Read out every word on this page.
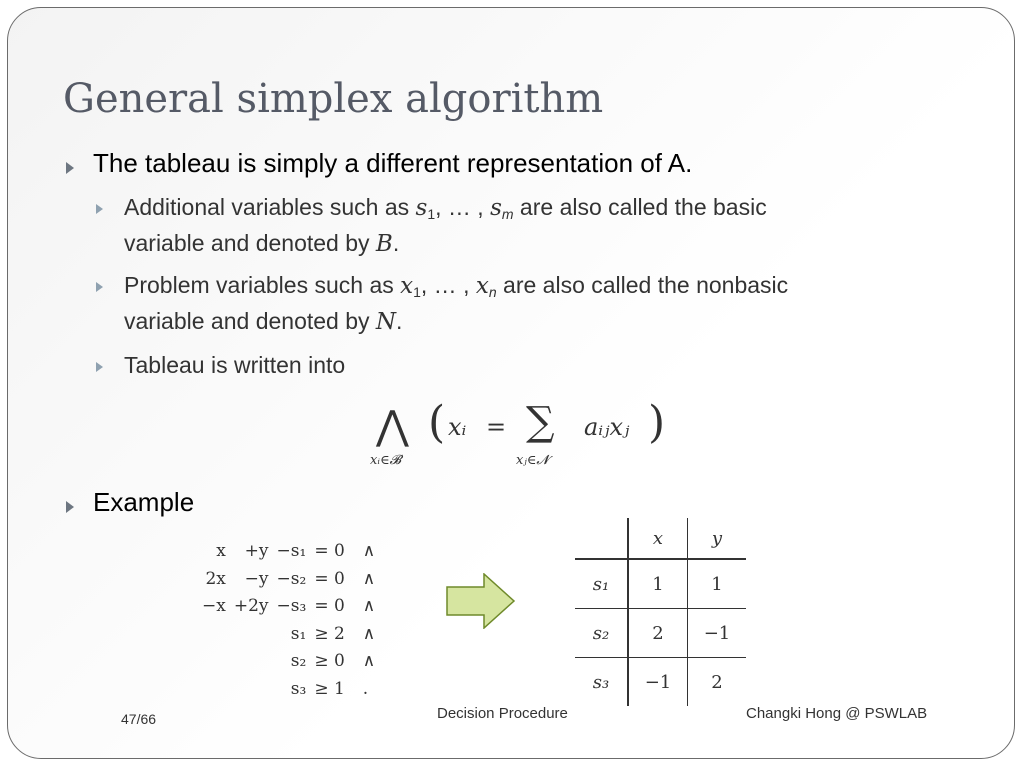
General simplex algorithm
The tableau is simply a different representation of A.
Additional variables such as $s_1$, … , sm are also called the basic
variable and denoted by B.
Problem variables such as $x_1$, … , xn are also called the nonbasic
variable and denoted by N.
Tableau is written into
⋀
xᵢ∈𝓑
( xᵢ = ∑
xⱼ∈𝓝
aᵢⱼxⱼ )
Example
x	+y	−s₁	= 0	∧
2x	−y	−s₂	= 0	∧
−x	+2y	−s₃	= 0	∧
		s₁	≥ 2	∧
		s₂	≥ 0	∧
		s₃	≥ 1	.
	x	y
s₁	1	1
s₂	2	−1
s₃	−1	2
47/66	Decision Procedure	Changki Hong @ PSWLAB
